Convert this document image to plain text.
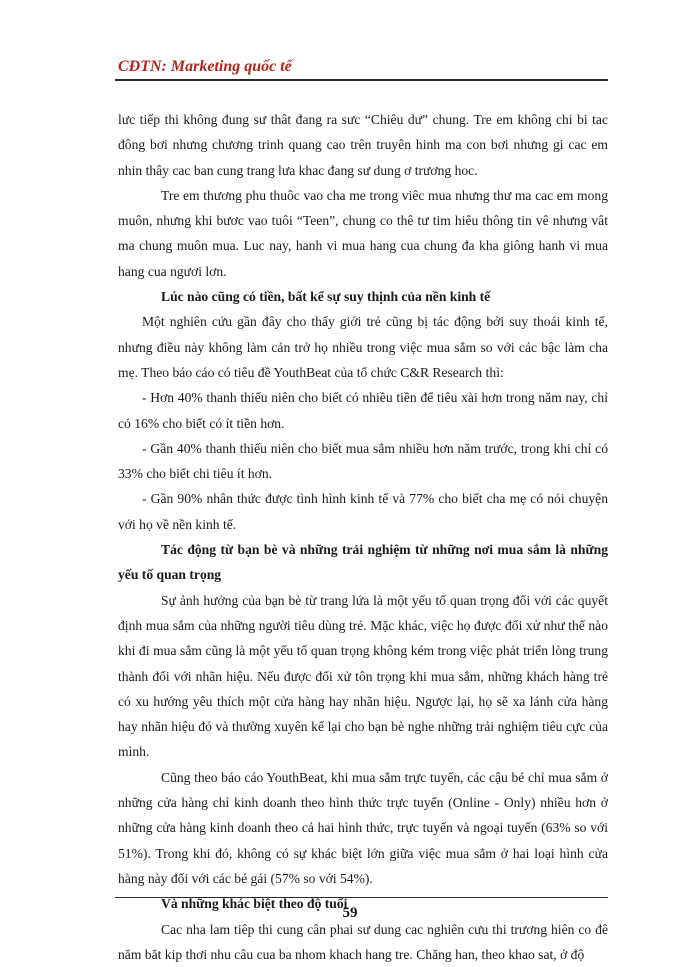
CĐTN: Marketing quốc tế

lưc tiếp thi không đung sư thât đang ra sưc “Chiêu dư” chung. Tre em không chi bi tac đông bơi nhưng chương trinh quang cao trên truyên hinh ma con bơi nhưng gi cac em nhin thây cac ban cung trang lưa khac đang sư dung ơ trương hoc.

Tre em thương phu thuôc vao cha me trong viêc mua nhưng thư ma cac em mong muôn, nhưng khi bươc vao tuôi “Teen”, chung co thê tư tim hiêu thông tin vê nhưng vât ma chung muôn mua. Luc nay, hanh vi mua hang cua chung đa kha giông hanh vi mua hang cua ngươi lơn.

Lúc nào cũng có tiền, bất kể sự suy thịnh của nền kinh tế

Một nghiên cứu gần đây cho thấy giới trẻ cũng bị tác động bởi suy thoái kinh tế, nhưng điều này không làm cản trở họ nhiều trong việc mua sắm so với các bậc làm cha mẹ. Theo báo cáo có tiêu đề YouthBeat của tổ chức C&R Research thì:

- Hơn 40% thanh thiếu niên cho biết có nhiều tiền để tiêu xài hơn trong năm nay, chỉ có 16% cho biết có ít tiền hơn.

- Gần 40% thanh thiếu niên cho biết mua sắm nhiều hơn năm trước, trong khi chỉ có 33% cho biết chi tiêu ít hơn.

- Gần 90% nhân thức được tình hình kinh tế và 77% cho biết cha mẹ có nói chuyện với họ về nền kinh tế.

Tác động từ bạn bè và những trải nghiệm từ những nơi mua sắm là những yếu tố quan trọng

Sự ảnh hưởng của bạn bè từ trang lứa là một yếu tố quan trọng đối với các quyết định mua sắm của những người tiêu dùng trẻ. Mặc khác, việc họ được đối xử như thế nào khi đi mua sắm cũng là một yếu tố quan trọng không kém trong việc phát triển lòng trung thành đối với nhãn hiệu. Nếu được đối xử tôn trọng khi mua sắm, những khách hàng trẻ có xu hướng yêu thích một cửa hàng hay nhãn hiệu. Ngược lại, họ sẽ xa lánh cửa hàng hay nhãn hiệu đó và thường xuyên kể lại cho bạn bè nghe những trải nghiệm tiêu cực của mình.

Cũng theo báo cáo YouthBeat, khi mua sắm trực tuyến, các cậu bé chỉ mua sắm ở những cửa hàng chỉ kinh doanh theo hình thức trực tuyến (Online - Only) nhiều hơn ở những cửa hàng kinh doanh theo cả hai hình thức, trực tuyến và ngoại tuyến (63% so với 51%). Trong khi đó, không có sự khác biệt lớn giữa việc mua sắm ở hai loại hình cửa hàng này đối với các bé gái (57% so với 54%).

Và những khác biệt theo độ tuổi

Cac nha lam tiêp thi cung cân phai sư dung cac nghiên cưu thi trương hiên co đê năm băt kip thơi nhu câu cua ba nhom khach hang tre. Chăng han, theo khao sat, ở độ

59
